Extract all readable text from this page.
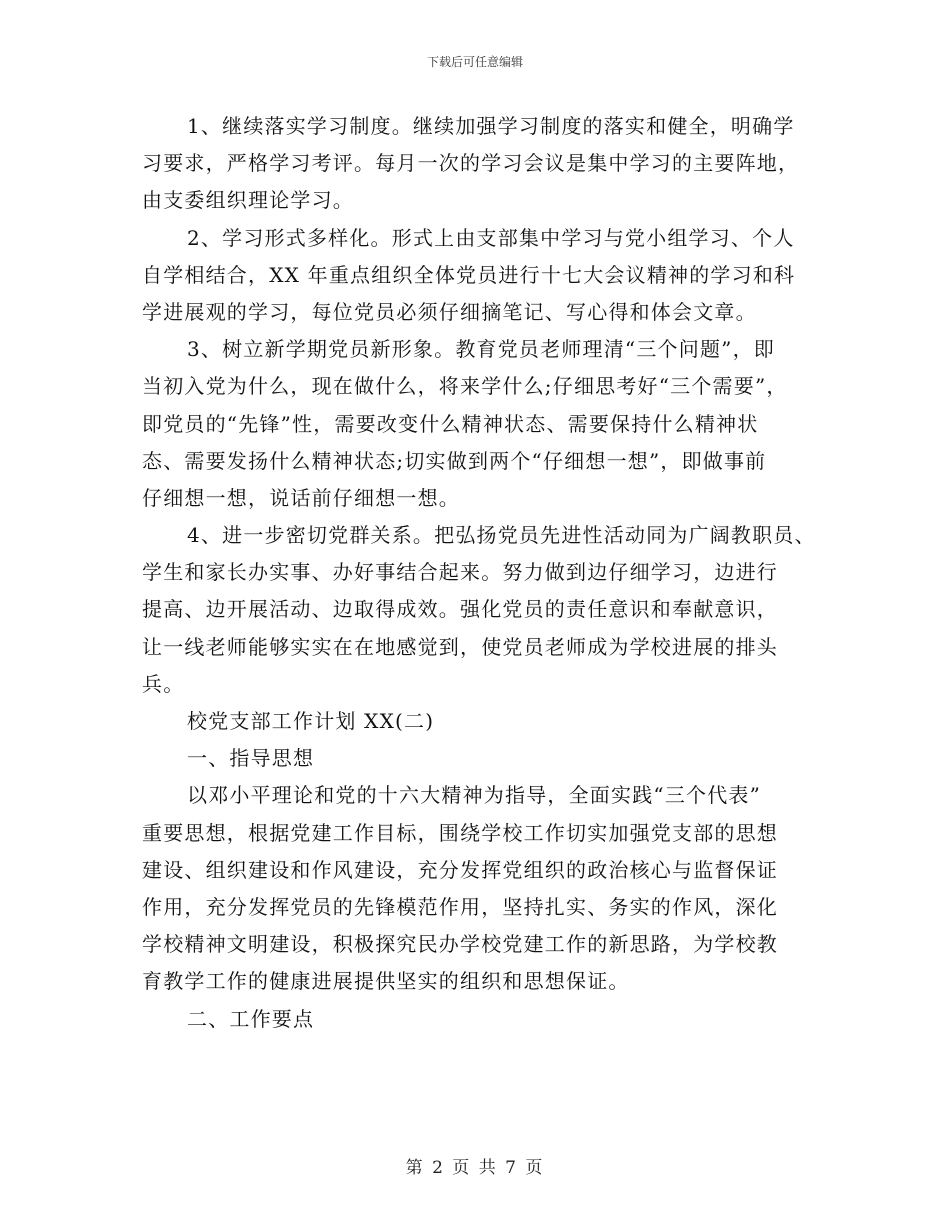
下载后可任意编辑
1、继续落实学习制度。继续加强学习制度的落实和健全，明确学
习要求，严格学习考评。每月一次的学习会议是集中学习的主要阵地，
由支委组织理论学习。
2、学习形式多样化。形式上由支部集中学习与党小组学习、个人
自学相结合，XX 年重点组织全体党员进行十七大会议精神的学习和科
学进展观的学习，每位党员必须仔细摘笔记、写心得和体会文章。
3、树立新学期党员新形象。教育党员老师理清“三个问题”，即
当初入党为什么，现在做什么，将来学什么;仔细思考好“三个需要”，
即党员的“先锋”性，需要改变什么精神状态、需要保持什么精神状
态、需要发扬什么精神状态;切实做到两个“仔细想一想”，即做事前
仔细想一想，说话前仔细想一想。
4、进一步密切党群关系。把弘扬党员先进性活动同为广阔教职员、
学生和家长办实事、办好事结合起来。努力做到边仔细学习，边进行
提高、边开展活动、边取得成效。强化党员的责任意识和奉献意识，
让一线老师能够实实在在地感觉到，使党员老师成为学校进展的排头
兵。
校党支部工作计划 XX(二)
一、指导思想
以邓小平理论和党的十六大精神为指导，全面实践“三个代表”
重要思想，根据党建工作目标，围绕学校工作切实加强党支部的思想
建设、组织建设和作风建设，充分发挥党组织的政治核心与监督保证
作用，充分发挥党员的先锋模范作用，坚持扎实、务实的作风，深化
学校精神文明建设，积极探究民办学校党建工作的新思路，为学校教
育教学工作的健康进展提供坚实的组织和思想保证。
二、工作要点
第 2 页 共 7 页
